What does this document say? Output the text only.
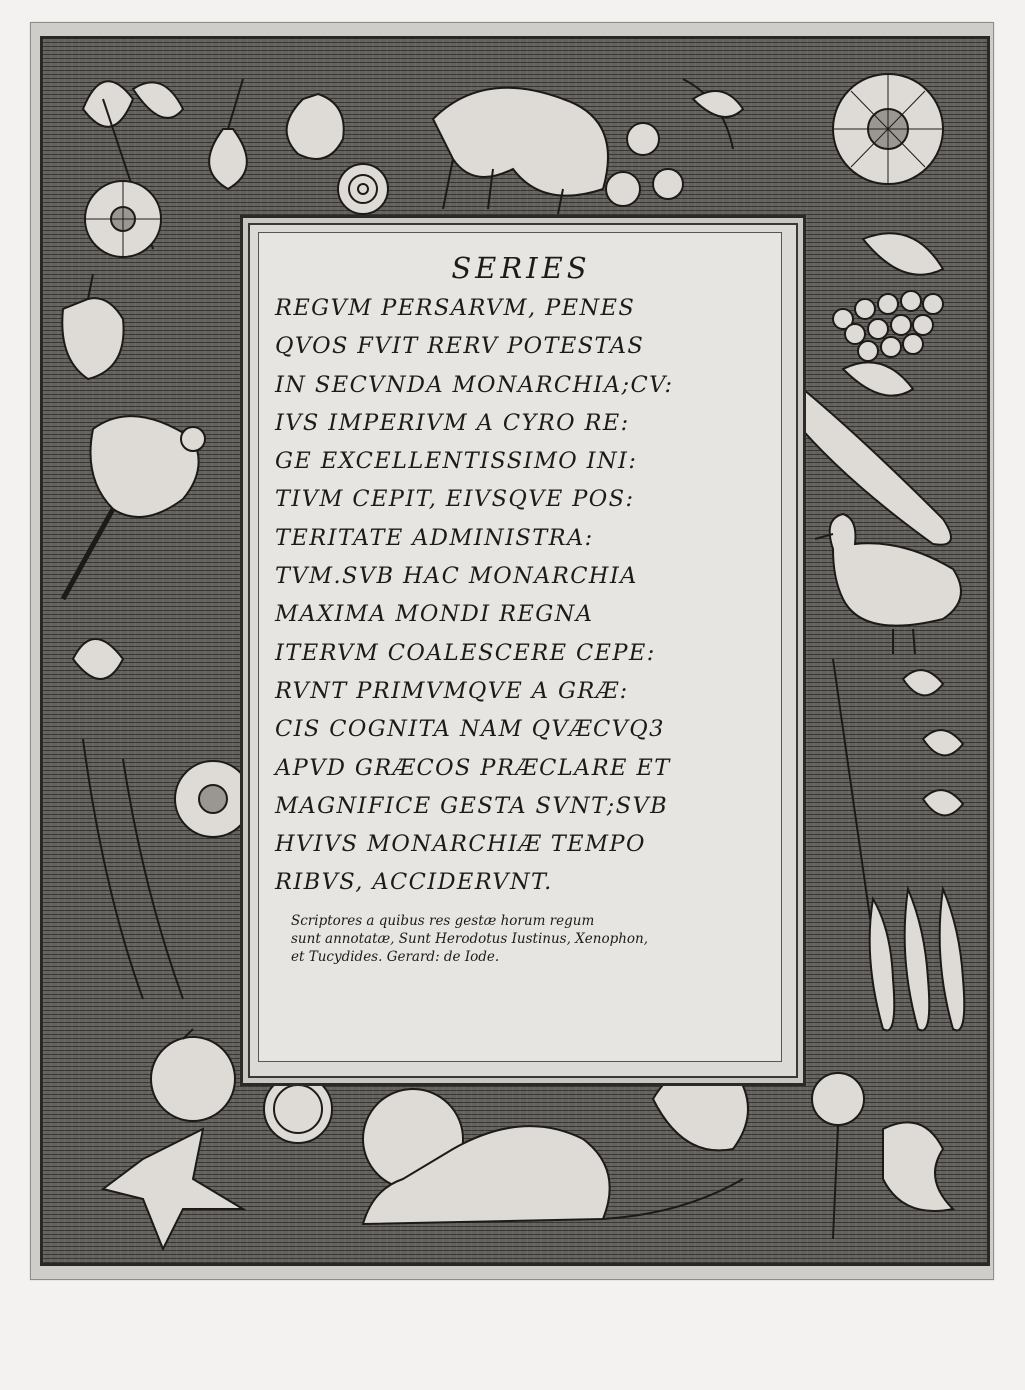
SERIES
REGVM PERSARVM, PENES
QVOS FVIT RERV POTESTAS
IN SECVNDA MONARCHIA;CV:
IVS IMPERIVM A CYRO RE:
GE EXCELLENTISSIMO INI:
TIVM CEPIT, EIVSQVE POS:
TERITATE ADMINISTRA:
TVM.SVB HAC MONARCHIA
MAXIMA MONDI REGNA
ITERVM COALESCERE CEPE:
RVNT PRIMVMQVE A GRÆ:
CIS COGNITA NAM QVÆCVQ3
APVD GRÆCOS PRÆCLARE ET
MAGNIFICE GESTA SVNT;SVB
HVIVS MONARCHIÆ TEMPO
RIBVS, ACCIDERVNT.
Scriptores a quibus res gestæ horum regum
sunt annotatæ, Sunt Herodotus Iustinus, Xenophon,
et Tucydides. Gerard: de Iode.
